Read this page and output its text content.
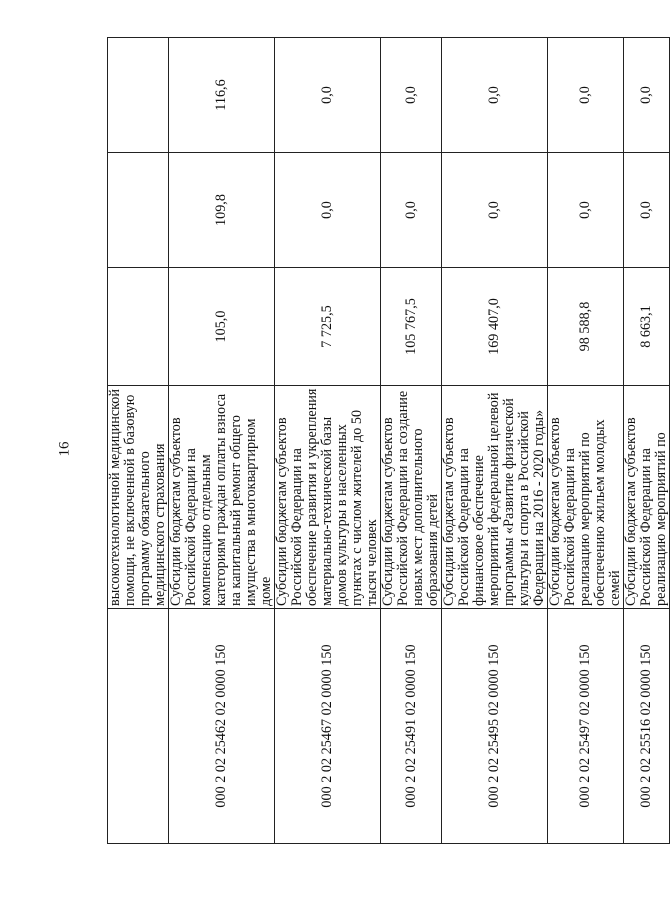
16
	высокотехнологичной медицинской помощи, не включенной в базовую программу обязательного медицинского страхования			
000 2 02 25462 02 0000 150	Субсидии бюджетам субъектов Российской Федерации на компенсацию отдельным категориям граждан оплаты взноса на капитальный ремонт общего имущества в многоквартирном доме	105,0	109,8	116,6
000 2 02 25467 02 0000 150	Субсидии бюджетам субъектов Российской Федерации на обеспечение развития и укрепления материально-технической базы домов культуры в населенных пунктах с числом жителей до 50 тысяч человек	7 725,5	0,0	0,0
000 2 02 25491 02 0000 150	Субсидии бюджетам субъектов Российской Федерации на создание новых мест дополнительного образования детей	105 767,5	0,0	0,0
000 2 02 25495 02 0000 150	Субсидии бюджетам субъектов Российской Федерации на финансовое обеспечение мероприятий федеральной целевой программы «Развитие физической культуры и спорта в Российской Федерации на 2016 - 2020 годы»	169 407,0	0,0	0,0
000 2 02 25497 02 0000 150	Субсидии бюджетам субъектов Российской Федерации на реализацию мероприятий по обеспечению жильем молодых семей	98 588,8	0,0	0,0
000 2 02 25516 02 0000 150	Субсидии бюджетам субъектов Российской Федерации на реализацию мероприятий по	8 663,1	0,0	0,0
